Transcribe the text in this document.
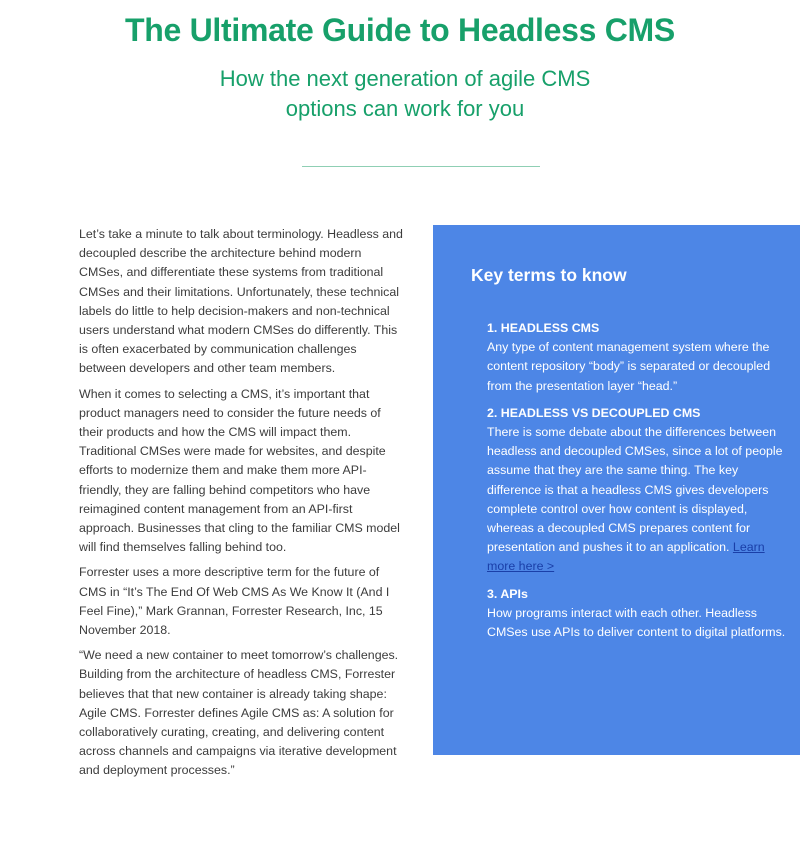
The Ultimate Guide to Headless CMS
How the next generation of agile CMS options can work for you

Let’s take a minute to talk about terminology. Headless and decoupled describe the architecture behind modern CMSes, and differentiate these systems from traditional CMSes and their limitations. Unfortunately, these technical labels do little to help decision-makers and non-technical users understand what modern CMSes do differently. This is often exacerbated by communication challenges between developers and other team members.

When it comes to selecting a CMS, it’s important that product managers need to consider the future needs of their products and how the CMS will impact them. Traditional CMSes were made for websites, and despite efforts to modernize them and make them more API-friendly, they are falling behind competitors who have reimagined content management from an API-first approach. Businesses that cling to the familiar CMS model will find themselves falling behind too.

Forrester uses a more descriptive term for the future of CMS in “It’s The End Of Web CMS As We Know It (And I Feel Fine),” Mark Grannan, Forrester Research, Inc, 15 November 2018.

“We need a new container to meet tomorrow’s challenges. Building from the architecture of headless CMS, Forrester believes that that new container is already taking shape: Agile CMS. Forrester defines Agile CMS as: A solution for collaboratively curating, creating, and delivering content across channels and campaigns via iterative development and deployment processes.”

Key terms to know
1. HEADLESS CMS
Any type of content management system where the content repository “body” is separated or decoupled from the presentation layer “head.”
2. HEADLESS VS DECOUPLED CMS
There is some debate about the differences between headless and decoupled CMSes, since a lot of people assume that they are the same thing. The key difference is that a headless CMS gives developers complete control over how content is displayed, whereas a decoupled CMS prepares content for presentation and pushes it to an application. Learn more here >
3. APIs
How programs interact with each other. Headless CMSes use APIs to deliver content to digital platforms.
